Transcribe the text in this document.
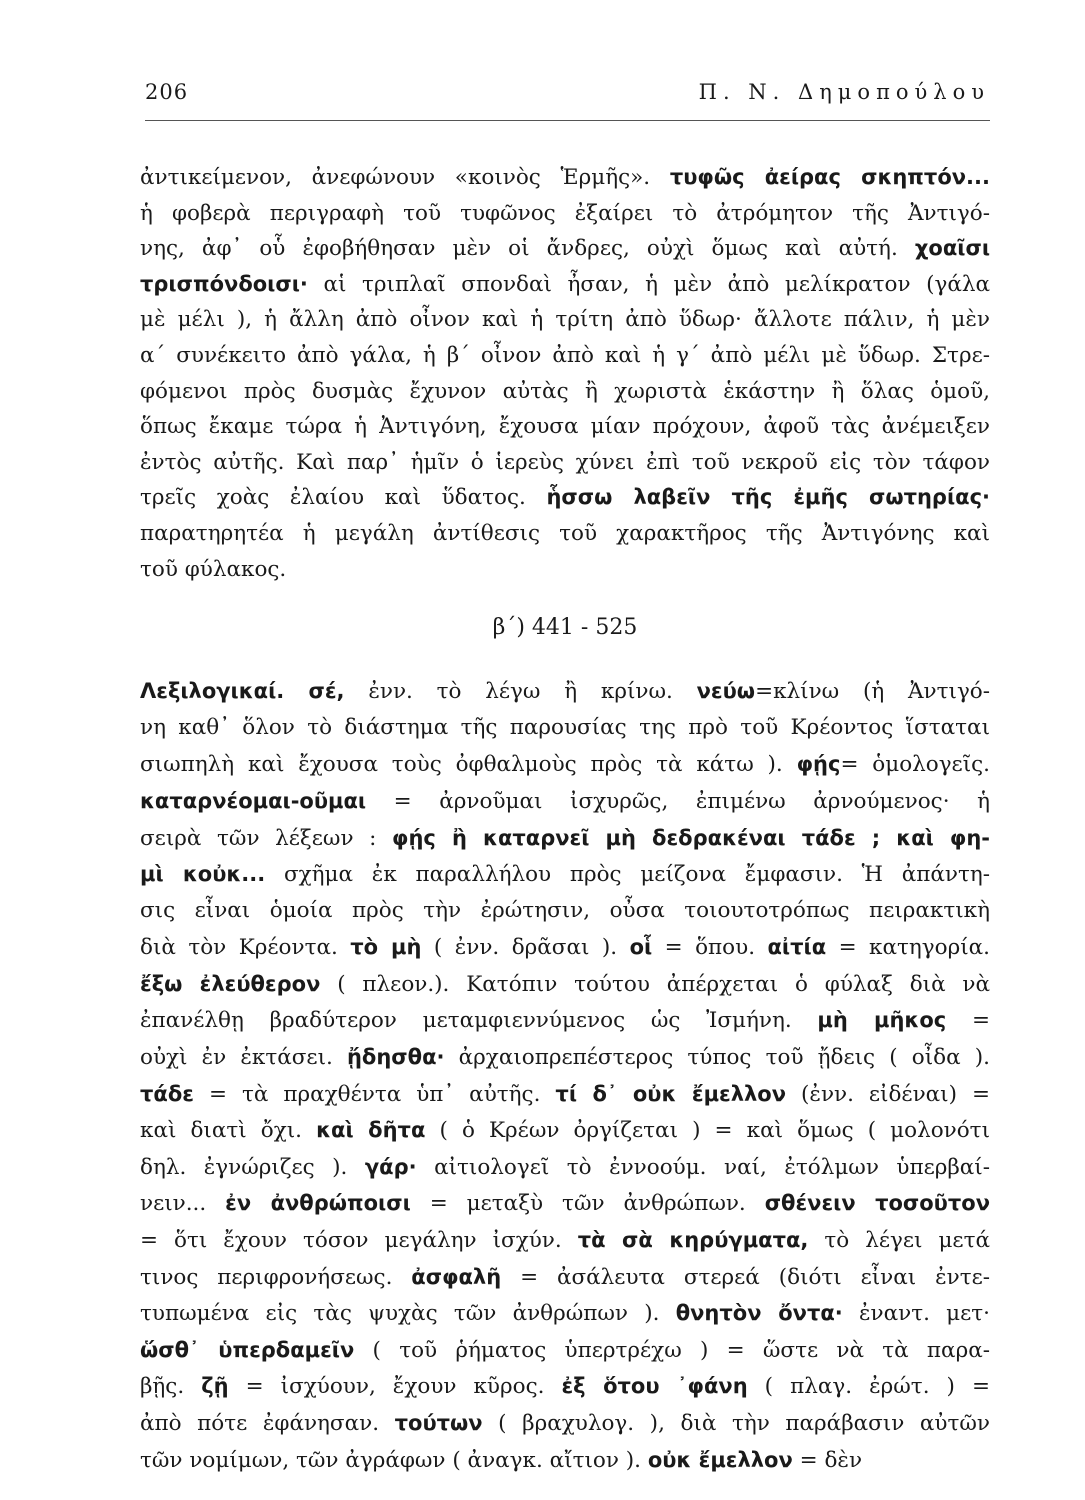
206	Π. Ν. Δημοπούλου
ἀντικείμενον, ἀνεφώνουν «κοινὸς Ἑρμῆς». τυφῶς ἀείρας σκηπτόν...
ἡ φοβερὰ περιγραφὴ τοῦ τυφῶνος ἐξαίρει τὸ ἀτρόμητον τῆς Ἀντιγό-
νης, ἀφ᾿ οὗ ἐφοβήθησαν μὲν οἱ ἄνδρες, οὐχὶ ὅμως καὶ αὐτή. χοαῖσι
τρισπόνδοισι· αἱ τριπλαῖ σπονδαὶ ἦσαν, ἡ μὲν ἀπὸ μελίκρατον (γάλα
μὲ μέλι ), ἡ ἄλλη ἀπὸ οἶνον καὶ ἡ τρίτη ἀπὸ ὕδωρ· ἄλλοτε πάλιν, ἡ μὲν
α΄ συνέκειτο ἀπὸ γάλα, ἡ β΄ οἶνον ἀπὸ καὶ ἡ γ΄ ἀπὸ μέλι μὲ ὕδωρ. Στρε-
φόμενοι πρὸς δυσμὰς ἔχυνον αὐτὰς ἢ χωριστὰ ἑκάστην ἢ ὅλας ὁμοῦ,
ὅπως ἔκαμε τώρα ἡ Ἀντιγόνη, ἔχουσα μίαν πρόχουν, ἀφοῦ τὰς ἀνέμειξεν
ἐντὸς αὐτῆς. Καὶ παρ᾿ ἡμῖν ὁ ἱερεὺς χύνει ἐπὶ τοῦ νεκροῦ εἰς τὸν τάφον
τρεῖς χοὰς ἐλαίου καὶ ὕδατος. ἧσσω λαβεῖν τῆς ἐμῆς σωτηρίας·
παρατηρητέα ἡ μεγάλη ἀντίθεσις τοῦ χαρακτῆρος τῆς Ἀντιγόνης καὶ
τοῦ φύλακος.
β΄) 441 - 525
Λεξιλογικαί. σέ, ἐνν. τὸ λέγω ἢ κρίνω. νεύω=κλίνω (ἡ Ἀντιγό-
νη καθ᾿ ὅλον τὸ διάστημα τῆς παρουσίας της πρὸ τοῦ Κρέοντος ἵσταται
σιωπηλὴ καὶ ἔχουσα τοὺς ὀφθαλμοὺς πρὸς τὰ κάτω ). φῄς= ὁμολογεῖς.
καταρνέομαι-οῦμαι = ἀρνοῦμαι ἰσχυρῶς, ἐπιμένω ἀρνούμενος· ἡ
σειρὰ τῶν λέξεων : φῄς ἢ καταρνεῖ μὴ δεδρακέναι τάδε ; καὶ φη-
μὶ κοὐκ... σχῆμα ἐκ παραλλήλου πρὸς μείζονα ἔμφασιν. Ἡ ἀπάντη-
σις εἶναι ὁμοία πρὸς τὴν ἐρώτησιν, οὖσα τοιουτοτρόπως πειρακτικὴ
διὰ τὸν Κρέοντα. τὸ μὴ ( ἐνν. δρᾶσαι ). οἷ = ὅπου. αἰτία = κατηγορία.
ἔξω ἐλεύθερον ( πλεον.). Κατόπιν τούτου ἀπέρχεται ὁ φύλαξ διὰ νὰ
ἐπανέλθῃ βραδύτερον μεταμφιεννύμενος ὡς Ἰσμήνη. μὴ μῆκος =
οὐχὶ ἐν ἐκτάσει. ᾔδησθα· ἀρχαιοπρεπέστερος τύπος τοῦ ᾔδεις ( οἶδα ).
τάδε = τὰ πραχθέντα ὑπ᾿ αὐτῆς. τί δ᾿ οὐκ ἔμελλον (ἐνν. εἰδέναι) =
καὶ διατὶ ὄχι. καὶ δῆτα ( ὁ Κρέων ὀργίζεται ) = καὶ ὅμως ( μολονότι
δηλ. ἐγνώριζες ). γάρ· αἰτιολογεῖ τὸ ἐννοούμ. ναί, ἐτόλμων ὑπερβαί-
νειν... ἐν ἀνθρώποισι = μεταξὺ τῶν ἀνθρώπων. σθένειν τοσοῦτον
= ὅτι ἔχουν τόσον μεγάλην ἰσχύν. τὰ σὰ κηρύγματα, τὸ λέγει μετά
τινος περιφρονήσεως. ἀσφαλῆ = ἀσάλευτα στερεά (διότι εἶναι ἐντε-
τυπωμένα εἰς τὰς ψυχὰς τῶν ἀνθρώπων ). θνητὸν ὄντα· ἐναντ. μετ·
ὥσθ᾿ ὑπερδαμεῖν ( τοῦ ῥήματος ὑπερτρέχω ) = ὥστε νὰ τὰ παρα-
βῇς. ζῇ = ἰσχύουν, ἔχουν κῦρος. ἐξ ὅτου ᾿φάνη ( πλαγ. ἐρώτ. ) =
ἀπὸ πότε ἐφάνησαν. τούτων ( βραχυλογ. ), διὰ τὴν παράβασιν αὐτῶν
τῶν νομίμων, τῶν ἀγράφων ( ἀναγκ. αἴτιον ). οὐκ ἔμελλον = δὲν
